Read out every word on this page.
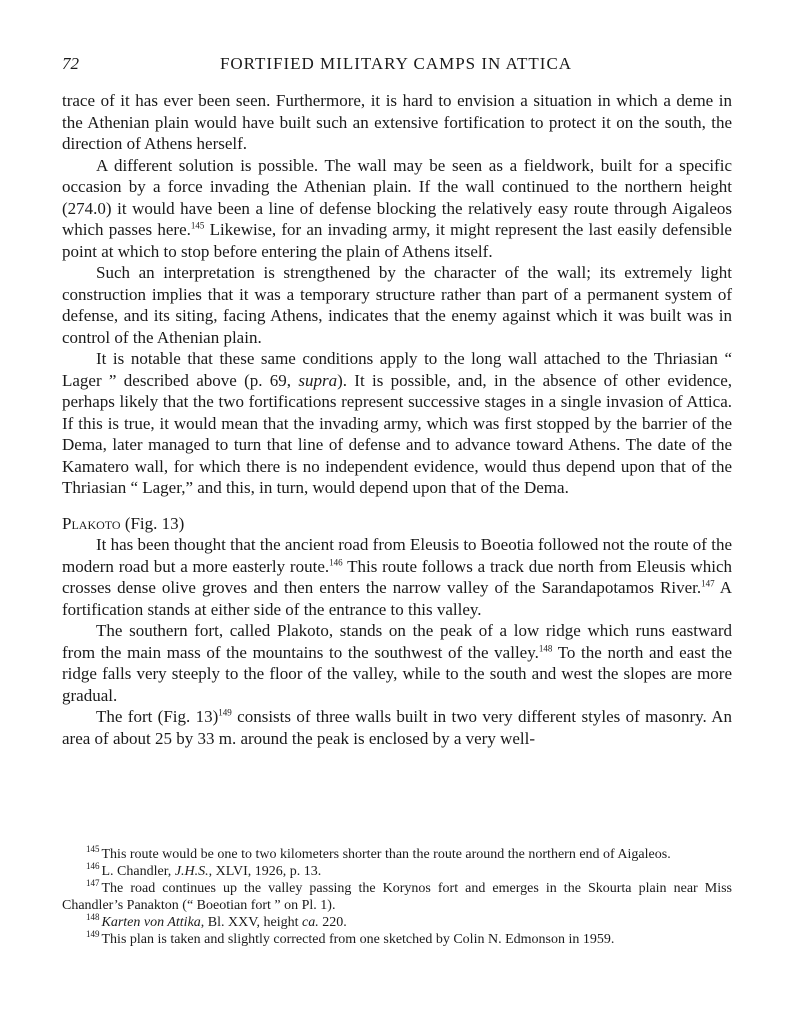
72	FORTIFIED MILITARY CAMPS IN ATTICA

trace of it has ever been seen. Furthermore, it is hard to envision a situation in which a deme in the Athenian plain would have built such an extensive fortification to protect it on the south, the direction of Athens herself.

A different solution is possible. The wall may be seen as a fieldwork, built for a specific occasion by a force invading the Athenian plain. If the wall continued to the northern height (274.0) it would have been a line of defense blocking the relatively easy route through Aigaleos which passes here.$^{145}$ Likewise, for an invading army, it might represent the last easily defensible point at which to stop before entering the plain of Athens itself.

Such an interpretation is strengthened by the character of the wall; its extremely light construction implies that it was a temporary structure rather than part of a permanent system of defense, and its siting, facing Athens, indicates that the enemy against which it was built was in control of the Athenian plain.

It is notable that these same conditions apply to the long wall attached to the Thriasian “ Lager ” described above (p. 69, supra). It is possible, and, in the absence of other evidence, perhaps likely that the two fortifications represent successive stages in a single invasion of Attica. If this is true, it would mean that the invading army, which was first stopped by the barrier of the Dema, later managed to turn that line of defense and to advance toward Athens. The date of the Kamatero wall, for which there is no independent evidence, would thus depend upon that of the Thriasian “ Lager,” and this, in turn, would depend upon that of the Dema.

Plakoto (Fig. 13)

It has been thought that the ancient road from Eleusis to Boeotia followed not the route of the modern road but a more easterly route.$^{146}$ This route follows a track due north from Eleusis which crosses dense olive groves and then enters the narrow valley of the Sarandapotamos River.$^{147}$ A fortification stands at either side of the entrance to this valley.

The southern fort, called Plakoto, stands on the peak of a low ridge which runs eastward from the main mass of the mountains to the southwest of the valley.$^{148}$ To the north and east the ridge falls very steeply to the floor of the valley, while to the south and west the slopes are more gradual.

The fort (Fig. 13)$^{149}$ consists of three walls built in two very different styles of masonry. An area of about 25 by 33 m. around the peak is enclosed by a very well-

$^{145}$ This route would be one to two kilometers shorter than the route around the northern end of Aigaleos.

$^{146}$ L. Chandler, J.H.S., XLVI, 1926, p. 13.

$^{147}$ The road continues up the valley passing the Korynos fort and emerges in the Skourta plain near Miss Chandler’s Panakton (“ Boeotian fort ” on Pl. 1).

$^{148}$ Karten von Attika, Bl. XXV, height ca. 220.

$^{149}$ This plan is taken and slightly corrected from one sketched by Colin N. Edmonson in 1959.
